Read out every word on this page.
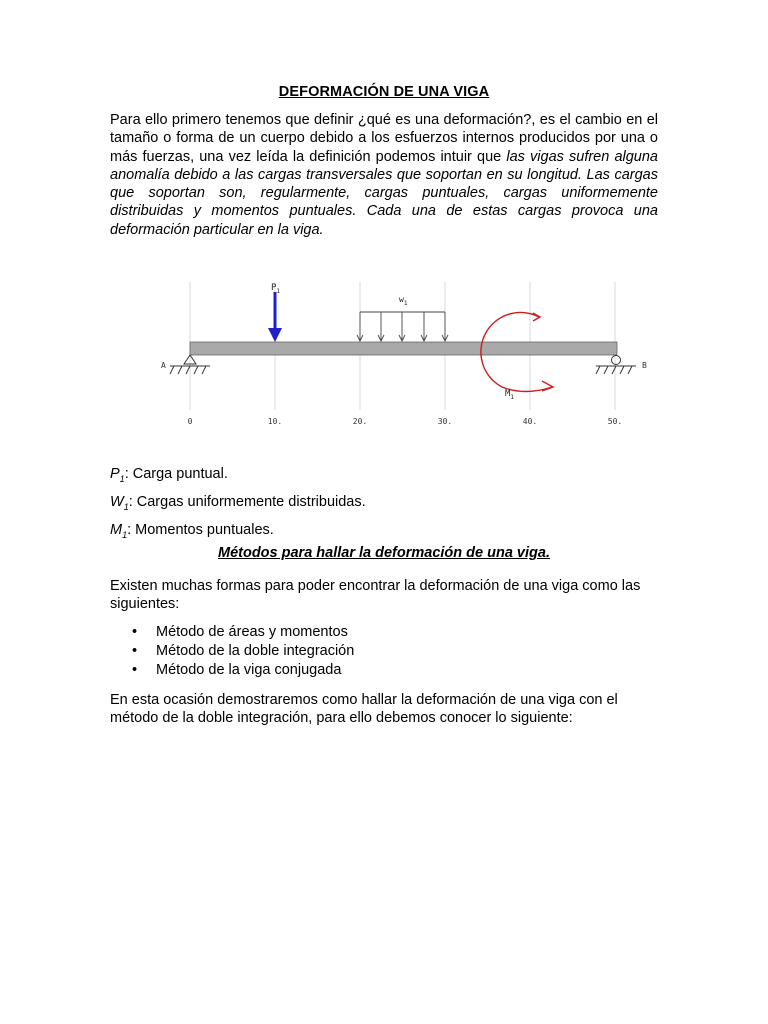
DEFORMACIÓN DE UNA VIGA
Para ello primero tenemos que definir ¿qué es una deformación?, es el cambio en el tamaño o forma de un cuerpo debido a los esfuerzos internos producidos por una o más fuerzas, una vez leída la definición podemos intuir que las vigas sufren alguna anomalía debido a las cargas transversales que soportan en su longitud. Las cargas que soportan son, regularmente, cargas puntuales, cargas uniformemente distribuidas y momentos puntuales. Cada una de estas cargas provoca una deformación particular en la viga.
$P_1$: Carga puntual.
$W_1$: Cargas uniformemente distribuidas.
$M_1$: Momentos puntuales.
Métodos para hallar la deformación de una viga.
Existen muchas formas para poder encontrar la deformación de una viga como las siguientes:
• Método de áreas y momentos
• Método de la doble integración
• Método de la viga conjugada
En esta ocasión demostraremos como hallar la deformación de una viga con el método de la doble integración, para ello debemos conocer lo siguiente:
A	B
$P_1$
$w_1$
$M_1$
0	10.	20.	30.	40.	50.
